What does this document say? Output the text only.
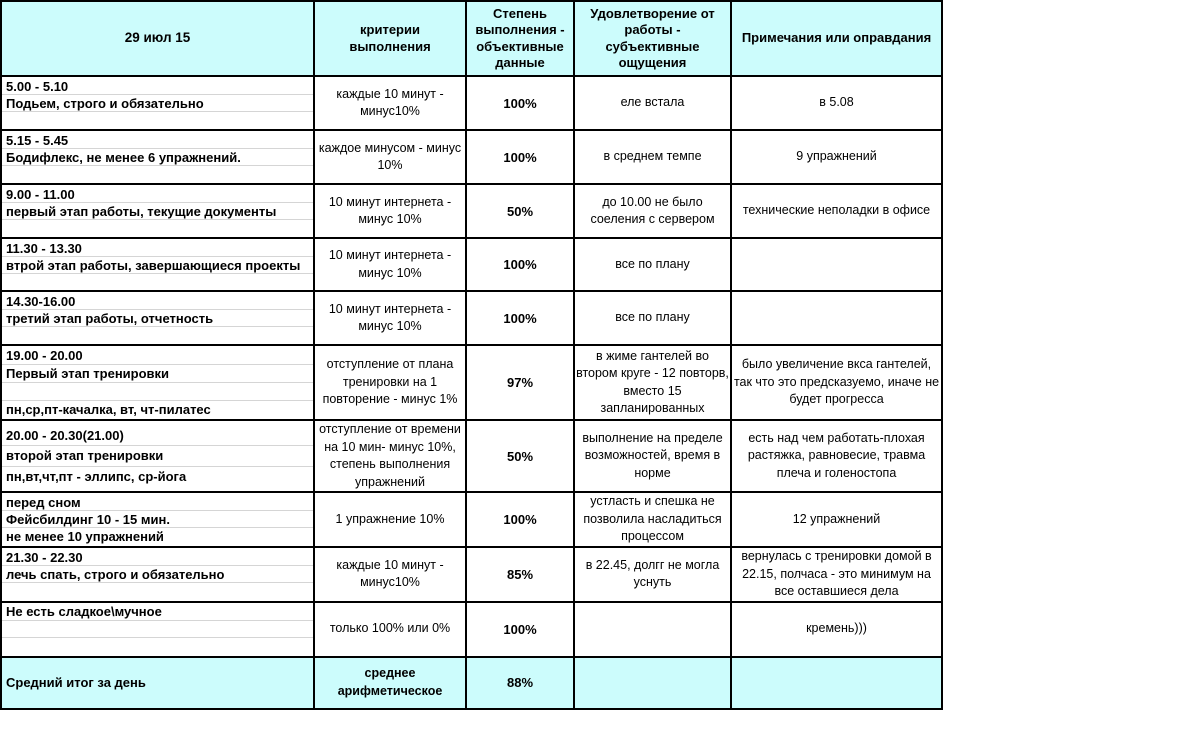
29 июл 15	критерии выполнения	Степень выполнения - объективные данные	Удовлетворение от работы - субъективные ощущения	Примечания или оправдания

5.00 - 5.10
Подьем, строго и обязательно	каждые 10 минут - минус10%	100%	еле встала	в 5.08

5.15 - 5.45
Бодифлекс, не менее 6 упражнений.	каждое минусом - минус 10%	100%	в среднем темпе	9 упражнений

9.00 - 11.00
первый этап работы, текущие документы	10 минут интернета - минус 10%	50%	до 10.00 не было соеления с сервером	технические неполадки в офисе

11.30 - 13.30
втрой этап работы, завершающиеся проекты	10 минут интернета - минус 10%	100%	все по плану	

14.30-16.00
третий этап работы, отчетность	10 минут интернета - минус 10%	100%	все по плану	

19.00 - 20.00
Первый этап тренировки
пн,ср,пт-качалка, вт, чт-пилатес	отступление от плана тренировки на 1 повторение - минус 1%	97%	в жиме гантелей во втором круге - 12 повторв, вместо 15 запланированных	было увеличение вкса гантелей, так что это предсказуемо, иначе не будет прогресса

20.00 - 20.30(21.00)
второй этап тренировки
пн,вт,чт,пт - эллипс, ср-йога	отступление от времени на 10 мин- минус 10%, степень выполнения упражнений	50%	выполнение на пределе возможностей, время в норме	есть над чем работать-плохая растяжка, равновесие, травма плеча и голеностопа

перед сном
Фейсбилдинг 10 - 15 мин.
не менее 10 упражнений	1 упражнение 10%	100%	устласть и спешка не позволила насладиться процессом	12 упражнений

21.30 - 22.30
лечь спать, строго и обязательно	каждые 10 минут - минус10%	85%	в 22.45, долгг не могла уснуть	вернулась с тренировки домой в 22.15, полчаса - это минимум на все оставшиеся дела

Не есть сладкое\мучное	только 100% или 0%	100%		кремень)))
Средний итог за день	среднее арифметическое	88%		
